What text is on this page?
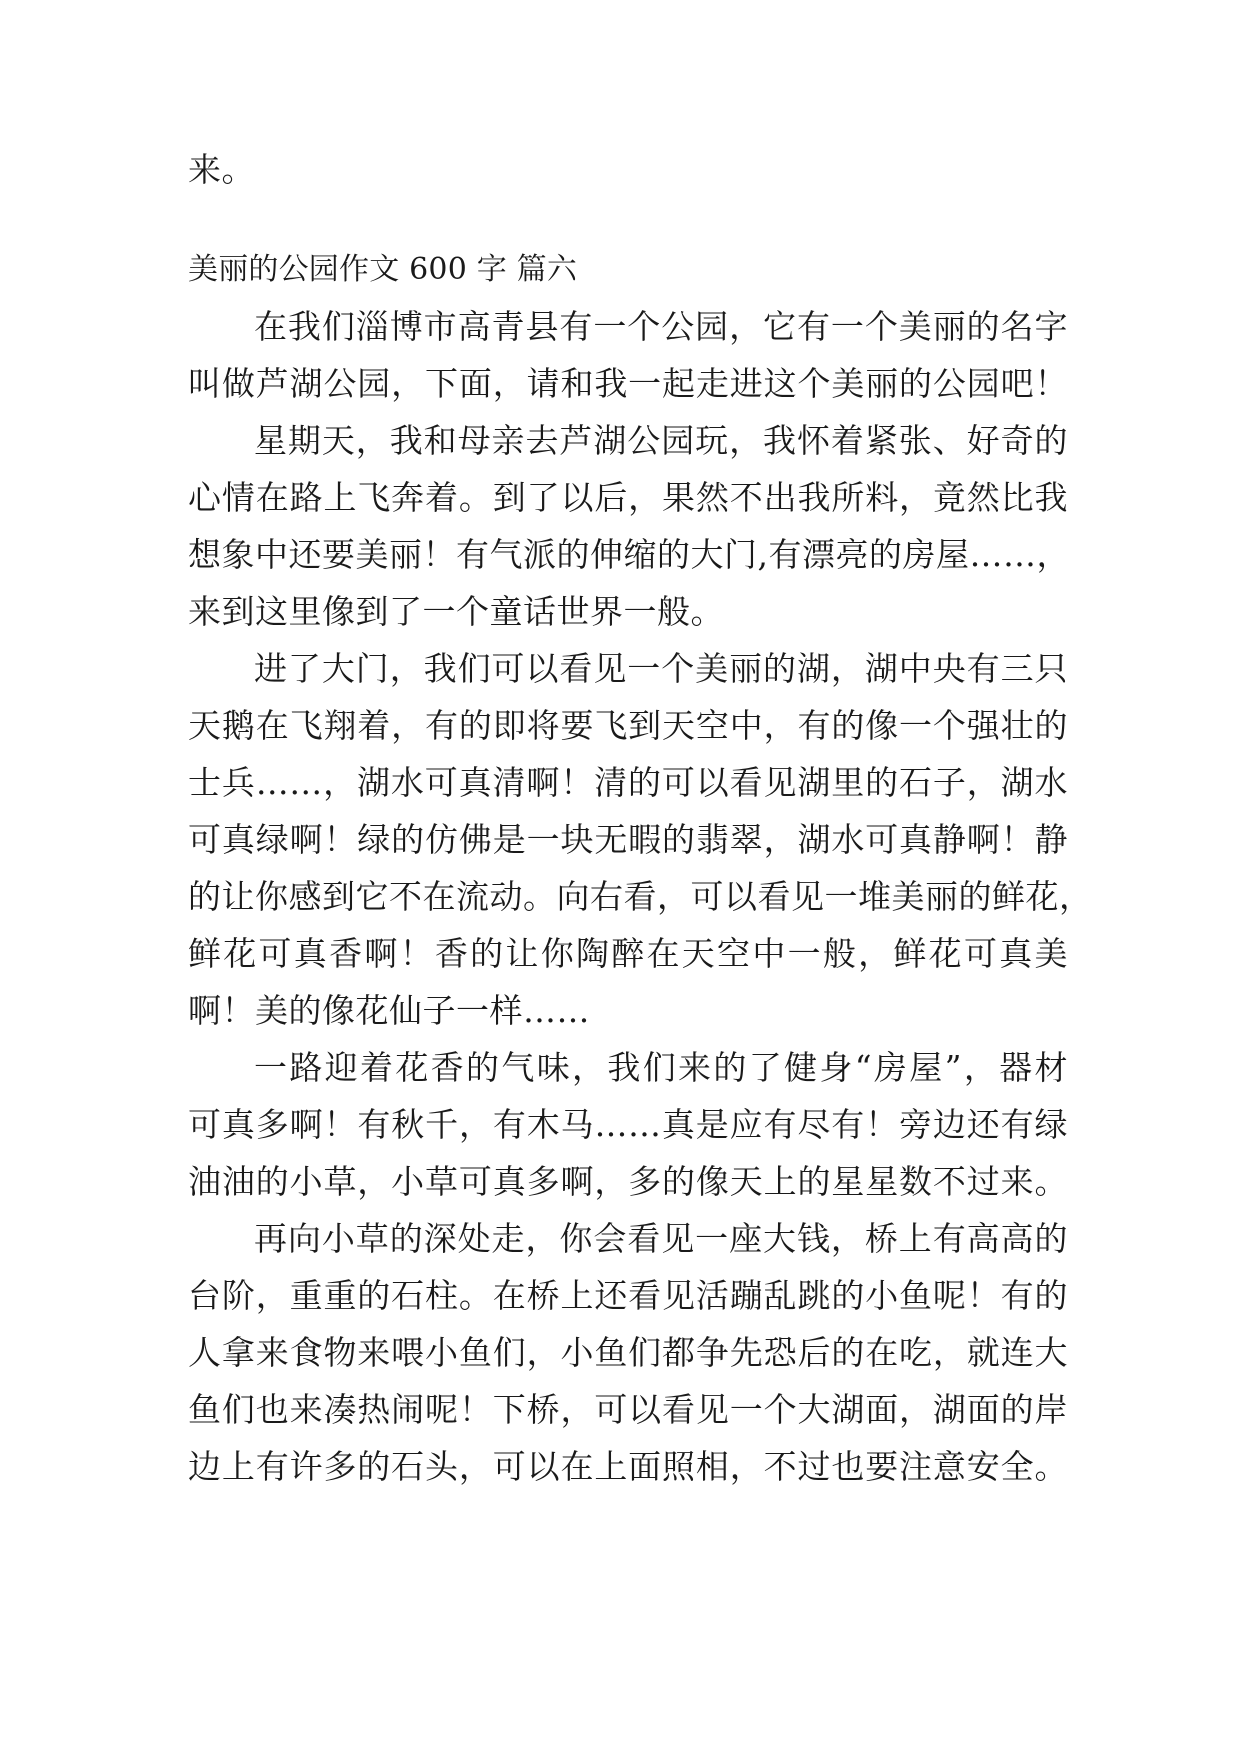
来。
美丽的公园作文 600 字 篇六
在我们淄博市高青县有一个公园，它有一个美丽的名字
叫做芦湖公园，下面，请和我一起走进这个美丽的公园吧！
星期天，我和母亲去芦湖公园玩，我怀着紧张、好奇的
心情在路上飞奔着。到了以后，果然不出我所料，竟然比我
想象中还要美丽！有气派的伸缩的大门,有漂亮的房屋……，
来到这里像到了一个童话世界一般。
进了大门，我们可以看见一个美丽的湖，湖中央有三只
天鹅在飞翔着，有的即将要飞到天空中，有的像一个强壮的
士兵……，湖水可真清啊！清的可以看见湖里的石子，湖水
可真绿啊！绿的仿佛是一块无暇的翡翠，湖水可真静啊！静
的让你感到它不在流动。向右看，可以看见一堆美丽的鲜花，
鲜花可真香啊！香的让你陶醉在天空中一般，鲜花可真美
啊！美的像花仙子一样……
一路迎着花香的气味，我们来的了健身“房屋”，器材
可真多啊！有秋千，有木马……真是应有尽有！旁边还有绿
油油的小草，小草可真多啊，多的像天上的星星数不过来。
再向小草的深处走，你会看见一座大钱，桥上有高高的
台阶，重重的石柱。在桥上还看见活蹦乱跳的小鱼呢！有的
人拿来食物来喂小鱼们，小鱼们都争先恐后的在吃，就连大
鱼们也来凑热闹呢！下桥，可以看见一个大湖面，湖面的岸
边上有许多的石头，可以在上面照相，不过也要注意安全。
